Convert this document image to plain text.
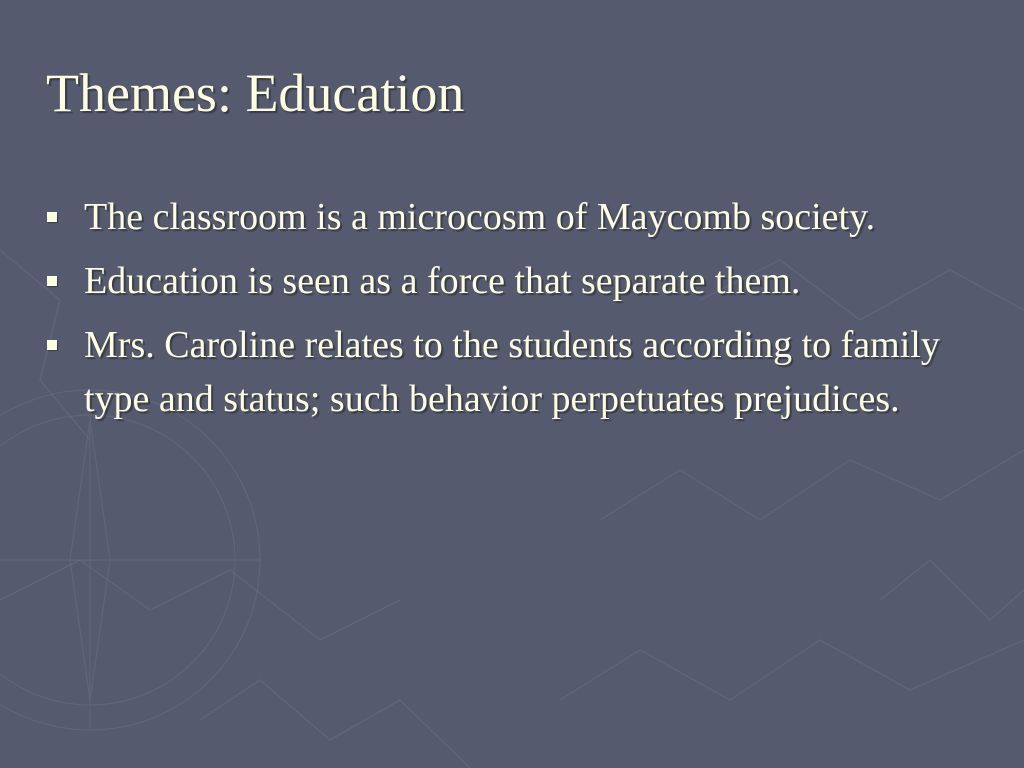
Themes: Education
The classroom is a microcosm of Maycomb society.
Education is seen as a force that separate them.
Mrs. Caroline relates to the students according to family type and status; such behavior perpetuates prejudices.
